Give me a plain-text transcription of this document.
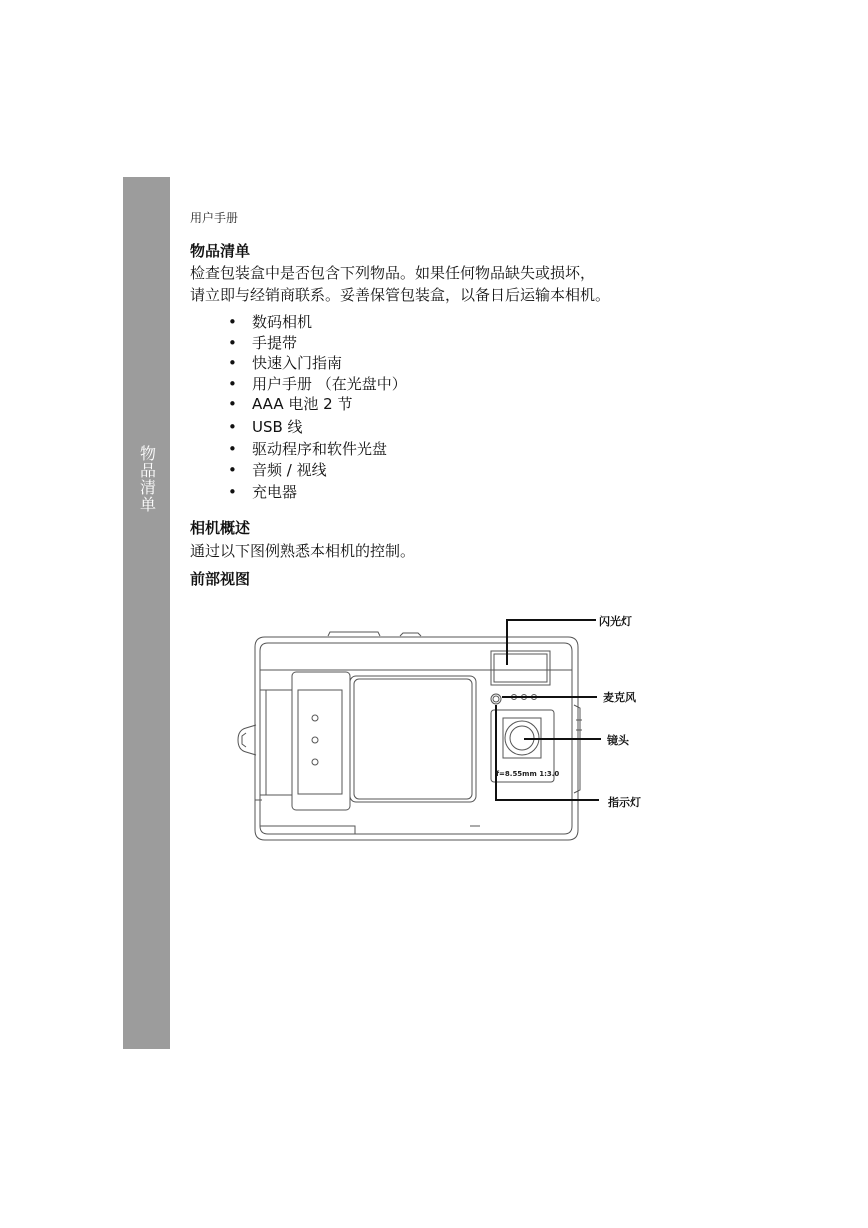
物品清单
2
用户手册
物品清单
检查包装盒中是否包含下列物品。如果任何物品缺失或损坏，
请立即与经销商联系。妥善保管包装盒，以备日后运输本相机。
• 数码相机
• 手提带
• 快速入门指南
• 用户手册 （在光盘中）
• AAA 电池 2 节
• USB 线
• 驱动程序和软件光盘
• 音频 / 视线
• 充电器
相机概述
通过以下图例熟悉本相机的控制。
前部视图
闪光灯
麦克风
镜头
指示灯
f=8.55mm 1:3.0
